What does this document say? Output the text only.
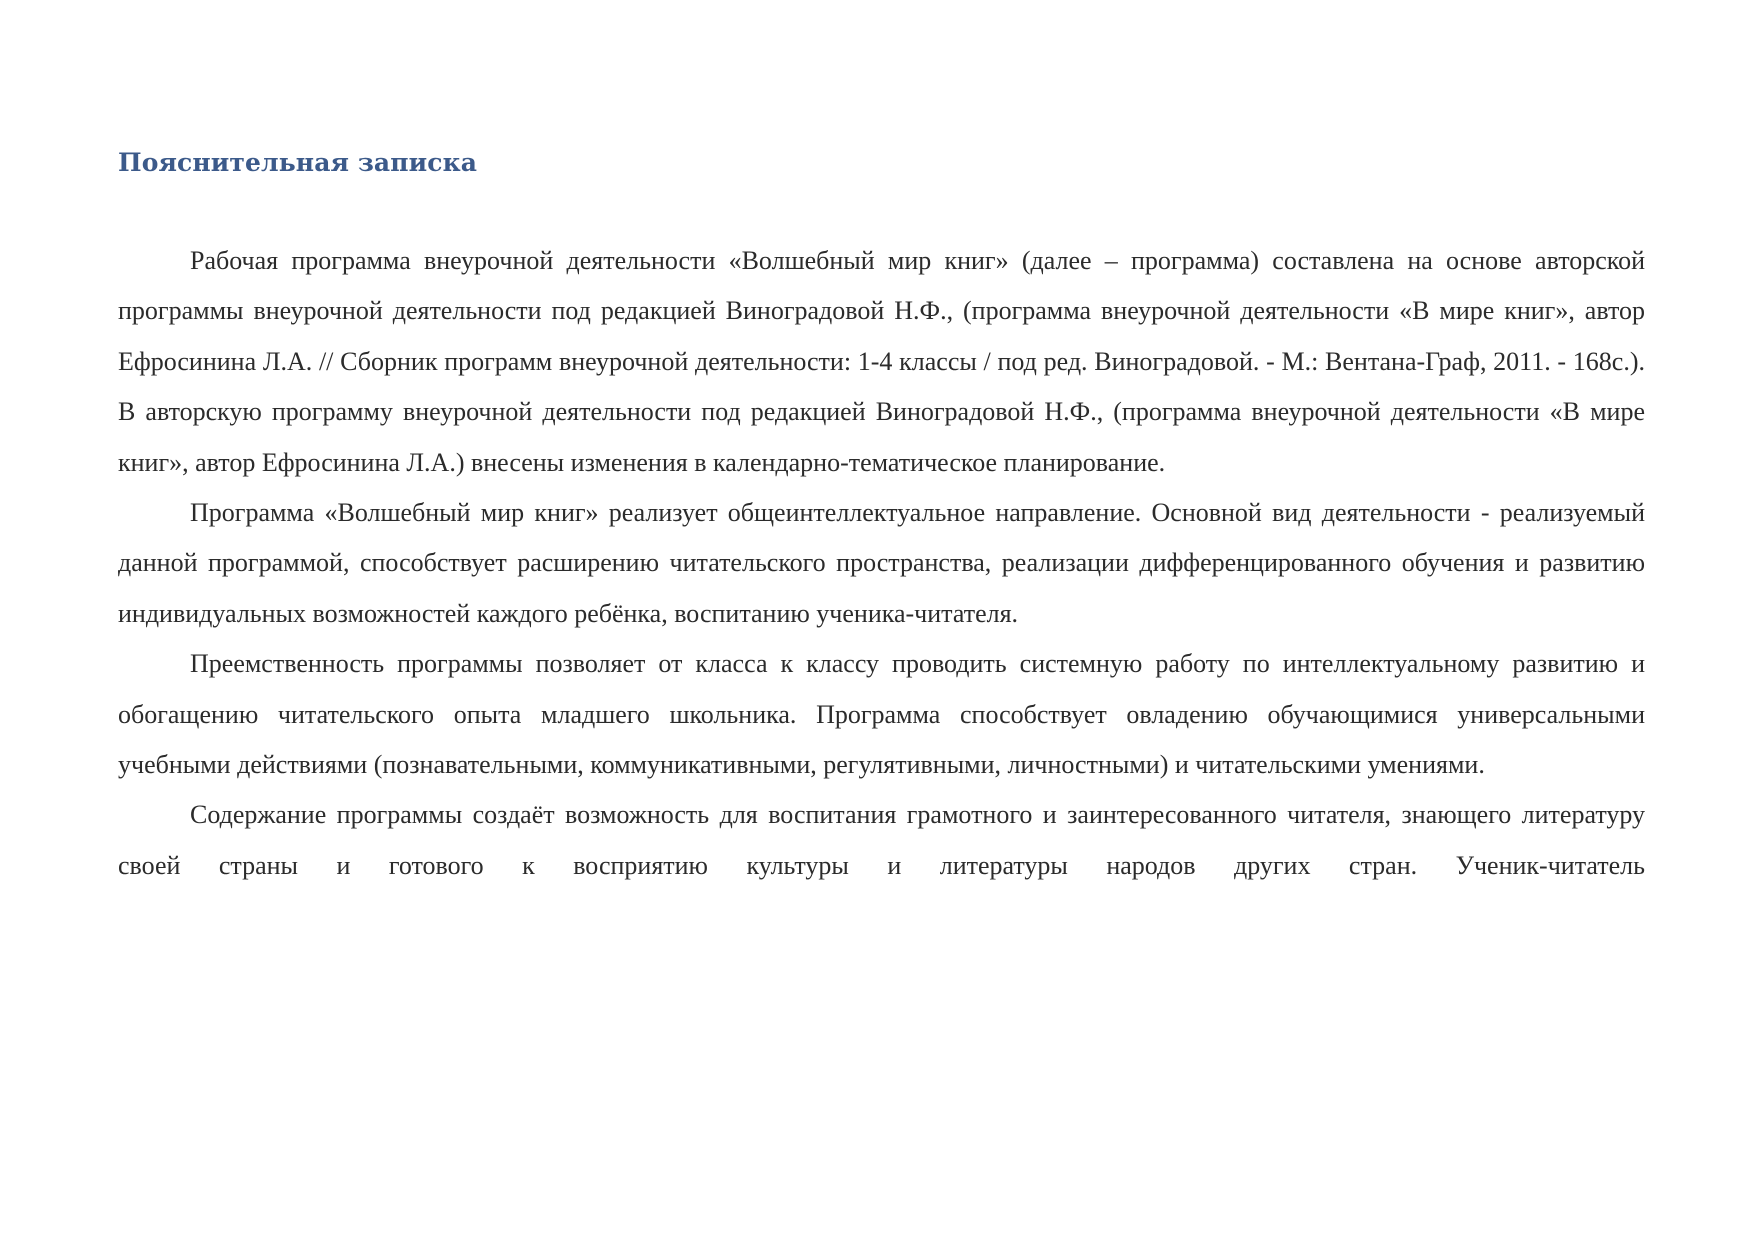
Пояснительная записка

Рабочая программа внеурочной деятельности «Волшебный мир книг» (далее – программа) составлена на основе авторской программы внеурочной деятельности под редакцией Виноградовой Н.Ф., (программа внеурочной деятельности «В мире книг», автор Ефросинина Л.А. // Сборник программ внеурочной деятельности: 1-4 классы / под ред. Виноградовой. - М.: Вентана-Граф, 2011. - 168с.). В авторскую программу внеурочной деятельности под редакцией Виноградовой Н.Ф., (программа внеурочной деятельности «В мире книг», автор Ефросинина Л.А.) внесены изменения в календарно-тематическое планирование.

Программа «Волшебный мир книг» реализует общеинтеллектуальное направление. Основной вид деятельности - реализуемый данной программой, способствует расширению читательского пространства, реализации дифференцированного обучения и развитию индивидуальных возможностей каждого ребёнка, воспитанию ученика-читателя.

Преемственность программы позволяет от класса к классу проводить системную работу по интеллектуальному развитию и обогащению читательского опыта младшего школьника. Программа способствует овладению обучающимися универсальными учебными действиями (познавательными, коммуникативными, регулятивными, личностными) и читательскими умениями.

Содержание программы создаёт возможность для воспитания грамотного и заинтересованного читателя, знающего литературу своей страны и готового к восприятию культуры и литературы народов других стран. Ученик-читатель
